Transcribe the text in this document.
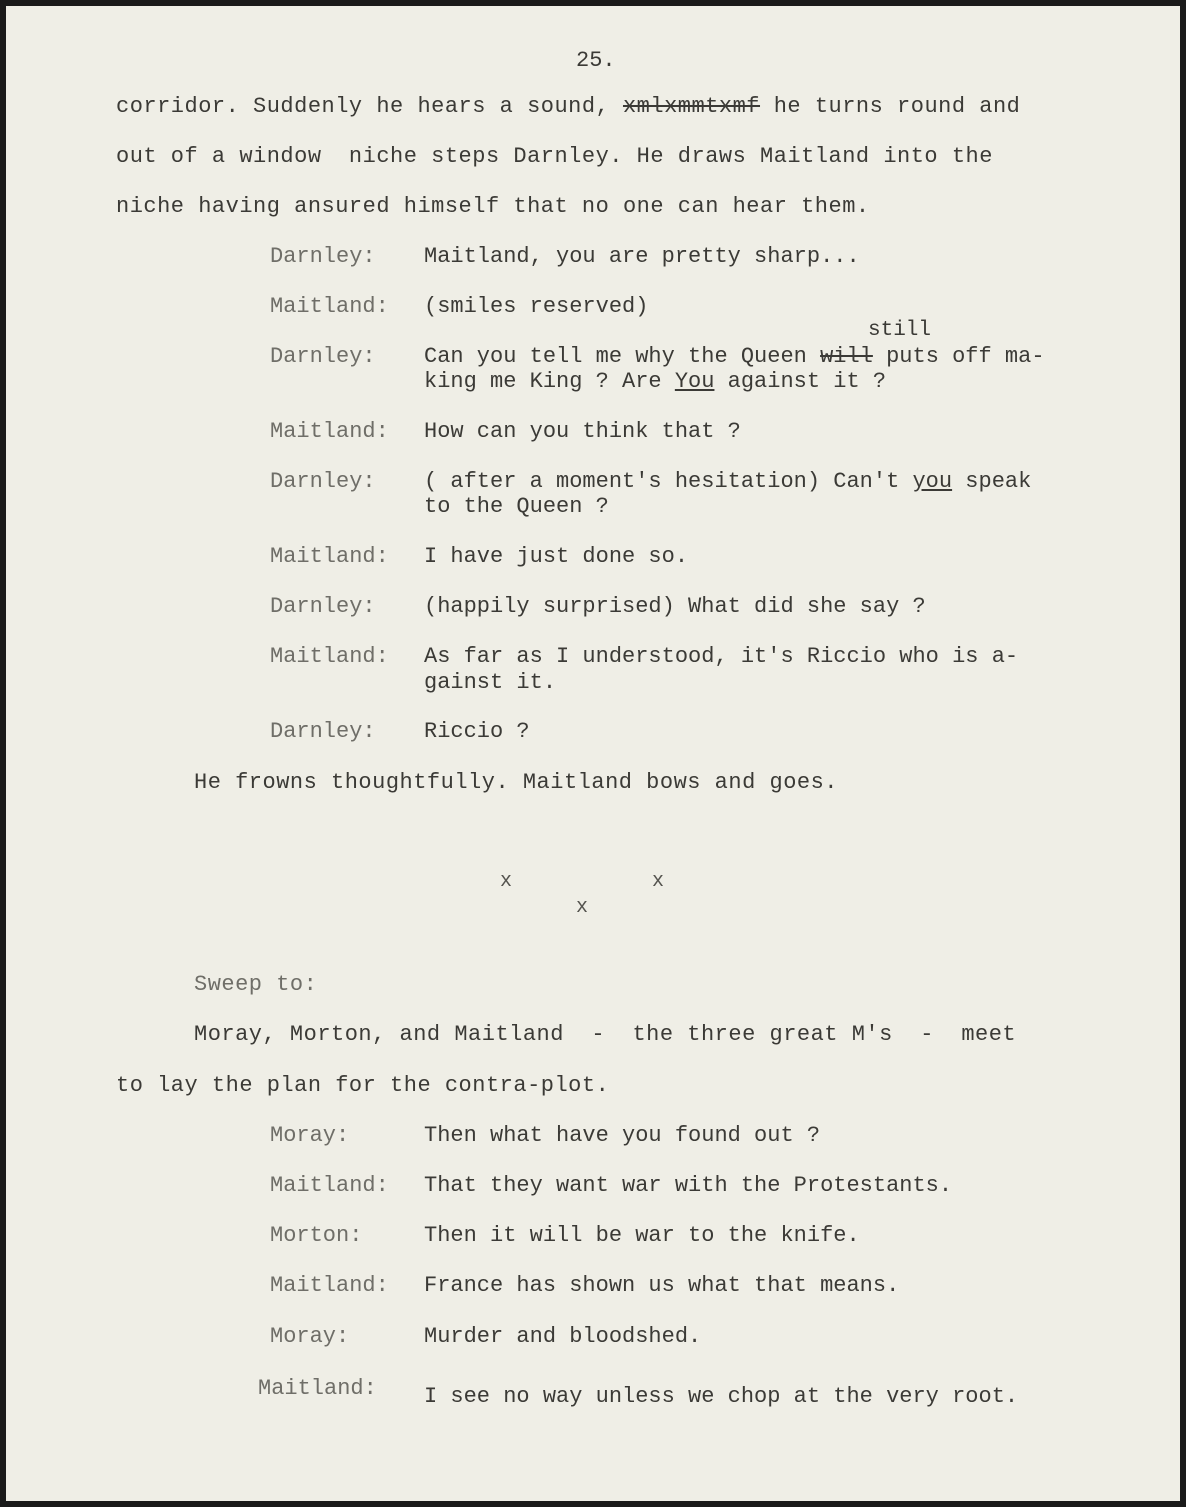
25.
corridor. Suddenly he hears a sound, xmlxmmtxmf he turns round and
out of a window  niche steps Darnley. He draws Maitland into the
niche having ansured himself that no one can hear them.
Darnley: Maitland, you are pretty sharp...
Maitland: (smiles reserved)
still
Darnley: Can you tell me why the Queen will puts off ma-
king me King ? Are You against it ?
Maitland: How can you think that ?
Darnley: ( after a moment's hesitation) Can't you speak
to the Queen ?
Maitland: I have just done so.
Darnley: (happily surprised) What did she say ?
Maitland: As far as I understood, it's Riccio who is a-
gainst it.
Darnley: Riccio ?
He frowns thoughtfully. Maitland bows and goes.
x	x
x
Sweep to:
Moray, Morton, and Maitland  -  the three great M's  -  meet
to lay the plan for the contra-plot.
Moray:	Then what have you found out ?
Maitland: That they want war with the Protestants.
Morton:	Then it will be war to the knife.
Maitland: France has shown us what that means.
Moray:	Murder and bloodshed.
Maitland: I see no way unless we chop at the very root.
